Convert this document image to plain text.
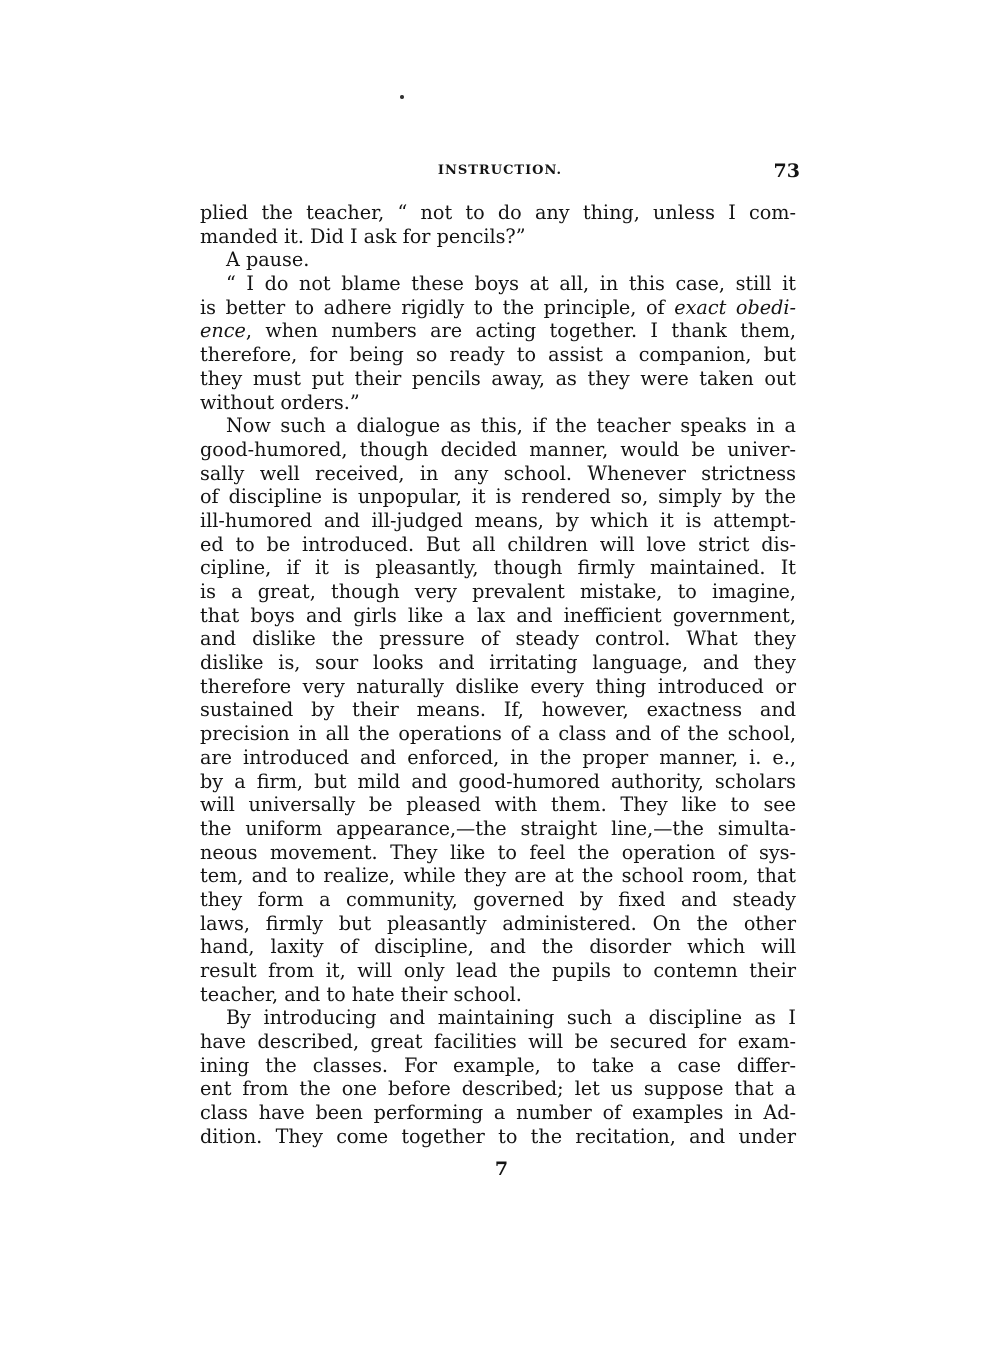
INSTRUCTION.	73
plied the teacher, “ not to do any thing, unless I com-
manded it. Did I ask for pencils?”
A pause.
“ I do not blame these boys at all, in this case, still it
is better to adhere rigidly to the principle, of exact obedi-
ence, when numbers are acting together. I thank them,
therefore, for being so ready to assist a companion, but
they must put their pencils away, as they were taken out
without orders.”
Now such a dialogue as this, if the teacher speaks in a
good-humored, though decided manner, would be univer-
sally well received, in any school. Whenever strictness
of discipline is unpopular, it is rendered so, simply by the
ill-humored and ill-judged means, by which it is attempt-
ed to be introduced. But all children will love strict dis-
cipline, if it is pleasantly, though firmly maintained. It
is a great, though very prevalent mistake, to imagine,
that boys and girls like a lax and inefficient government,
and dislike the pressure of steady control. What they
dislike is, sour looks and irritating language, and they
therefore very naturally dislike every thing introduced or
sustained by their means. If, however, exactness and
precision in all the operations of a class and of the school,
are introduced and enforced, in the proper manner, i. e.,
by a firm, but mild and good-humored authority, scholars
will universally be pleased with them. They like to see
the uniform appearance,—the straight line,—the simulta-
neous movement. They like to feel the operation of sys-
tem, and to realize, while they are at the school room, that
they form a community, governed by fixed and steady
laws, firmly but pleasantly administered. On the other
hand, laxity of discipline, and the disorder which will
result from it, will only lead the pupils to contemn their
teacher, and to hate their school.
By introducing and maintaining such a discipline as I
have described, great facilities will be secured for exam-
ining the classes. For example, to take a case differ-
ent from the one before described; let us suppose that a
class have been performing a number of examples in Ad-
dition. They come together to the recitation, and under
7
